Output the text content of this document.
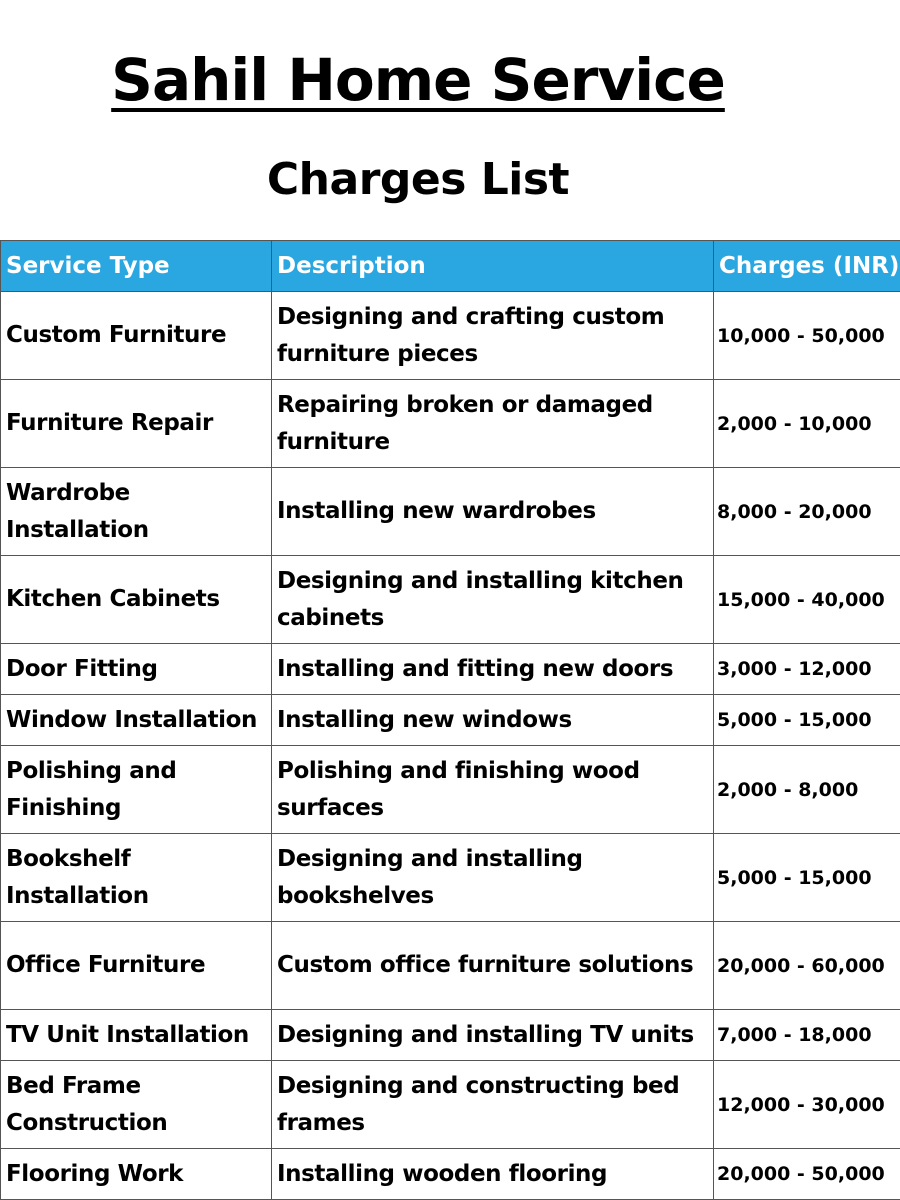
Sahil Home Service
Charges List
Service Type	Description	Charges (INR)
Custom Furniture	Designing and crafting custom furniture pieces	10,000 - 50,000
Furniture Repair	Repairing broken or damaged furniture	2,000 - 10,000
Wardrobe Installation	Installing new wardrobes	8,000 - 20,000
Kitchen Cabinets	Designing and installing kitchen cabinets	15,000 - 40,000
Door Fitting	Installing and fitting new doors	3,000 - 12,000
Window Installation	Installing new windows	5,000 - 15,000
Polishing and Finishing	Polishing and finishing wood surfaces	2,000 - 8,000
Bookshelf Installation	Designing and installing bookshelves	5,000 - 15,000
Office Furniture	Custom office furniture solutions	20,000 - 60,000
TV Unit Installation	Designing and installing TV units	7,000 - 18,000
Bed Frame Construction	Designing and constructing bed frames	12,000 - 30,000
Flooring Work	Installing wooden flooring	20,000 - 50,000
